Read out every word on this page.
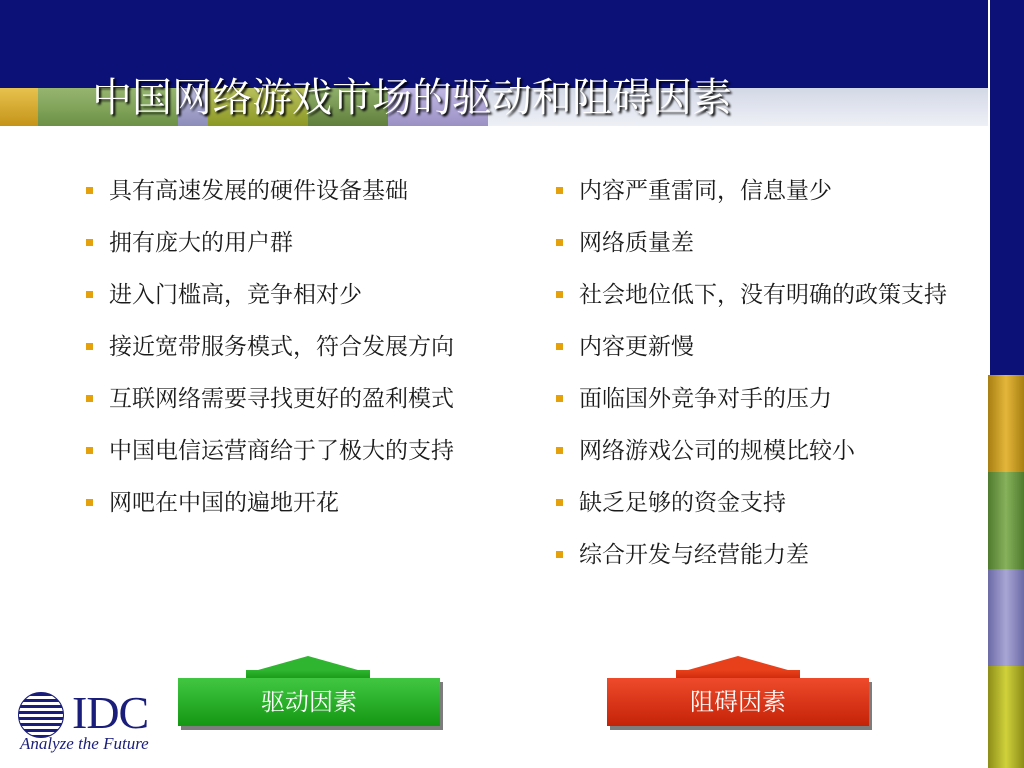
中国网络游戏市场的驱动和阻碍因素
具有高速发展的硬件设备基础
拥有庞大的用户群
进入门槛高，竞争相对少
接近宽带服务模式，符合发展方向
互联网络需要寻找更好的盈利模式
中国电信运营商给于了极大的支持
网吧在中国的遍地开花
内容严重雷同，信息量少
网络质量差
社会地位低下，没有明确的政策支持
内容更新慢
面临国外竞争对手的压力
网络游戏公司的规模比较小
缺乏足够的资金支持
综合开发与经营能力差
驱动因素	阻碍因素
IDC
Analyze the Future
